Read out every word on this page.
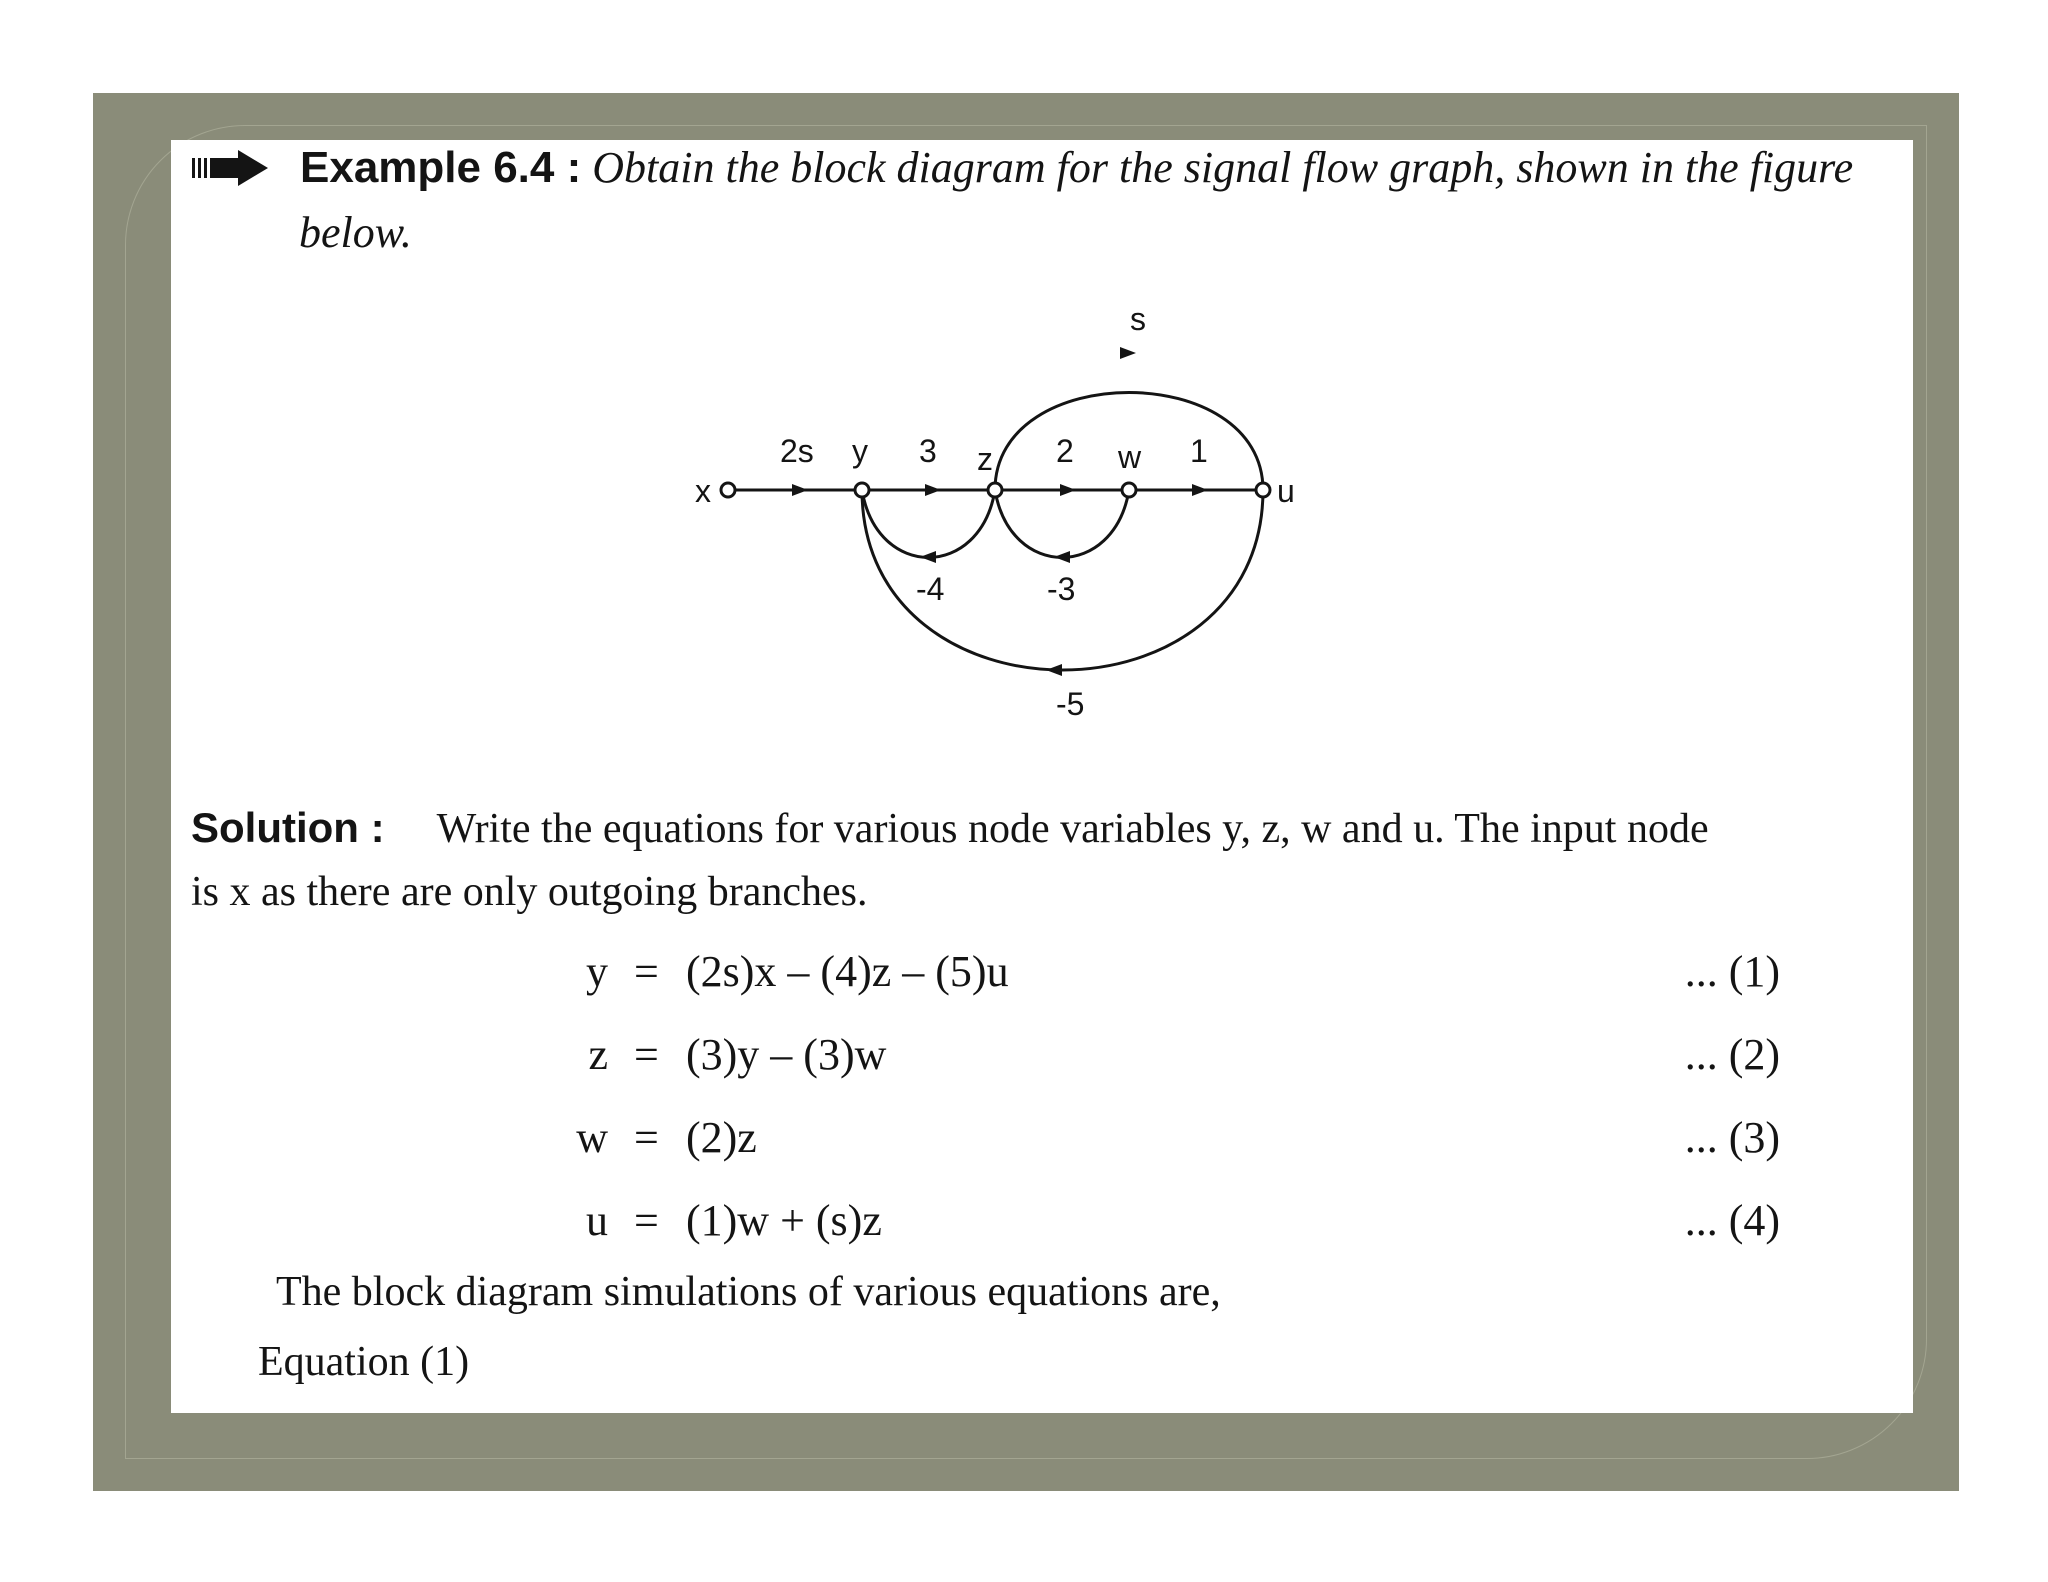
Example 6.4 : Obtain the block diagram for the signal flow graph, shown in the figure
below.
x
y	z	w
u
2s	3	2	1
s
-4	-3
-5
Solution : Write the equations for various node variables y, z, w and u. The input node
is x as there are only outgoing branches.
y = (2s)x – (4)z – (5)u	... (1)
z = (3)y – (3)w	... (2)
w = (2)z	... (3)
u = (1)w + (s)z	... (4)
The block diagram simulations of various equations are,
Equation (1)
